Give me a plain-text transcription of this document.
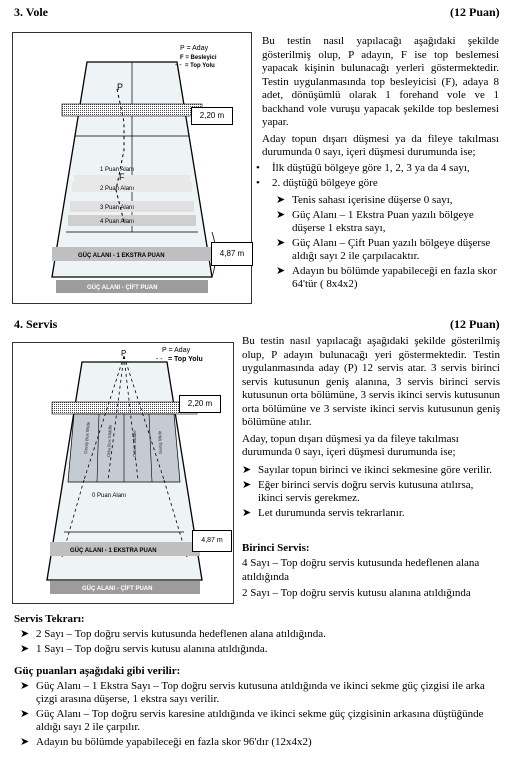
3. Vole	(12 Puan)
P
F
P = Aday
F = Besleyici
- - = Top Yolu
1 Puan Alanı
2 Puan Alanı
3 Puan Alanı
4 Puan Alanı
GÜÇ ALANI - 1 EKSTRA PUAN
GÜÇ ALANI - ÇİFT PUAN
2,20 m
4,87 m

Bu testin nasıl yapılacağı aşağıdaki şekilde gösterilmiş olup, P adayın, F ise top beslemesi yapacak kişinin bulunacağı yerleri göstermektedir. Testin uygulanmasında top besleyicisi (F), adaya 8 adet, dönüşümlü olarak 1 forehand vole ve 1 backhand vole vuruşu yapacak şekilde top beslemesi yapar.

Aday topun dışarı düşmesi ya da fileye takılması durumunda 0 sayı, içeri düşmesi durumunda ise;

• İlk düştüğü bölgeye göre 1, 2, 3 ya da 4 sayı,
• 2. düştüğü bölgeye göre
➤ Tenis sahası içerisine düşerse 0 sayı,
➤ Güç Alanı – 1 Ekstra Puan yazılı bölgeye düşerse 1 ekstra sayı,
➤ Güç Alanı – Çift Puan yazılı bölgeye düşerse aldığı sayı 2 ile çarpılacaktır.
➤ Adayın bu bölümde yapabileceği en fazla skor 64'tür ( 8x4x2)
4. Servis	(12 Puan)
P	P = Aday
- - = Top Yolu
Geniş Box Wide	Orta Box Middle	Ortası Middle	Geniş Wide
0 Puan Alanı
GÜÇ ALANI - 1 EKSTRA PUAN
GÜÇ ALANI - ÇİFT PUAN
2,20 m
4,87 m

Bu testin nasıl yapılacağı aşağıdaki şekilde gösterilmiş olup, P adayın bulunacağı yeri göstermektedir. Testin uygulanmasında aday (P) 12 servis atar. 3 servis birinci servis kutusunun geniş alanına, 3 servis birinci servis kutusunun orta bölümüne, 3 servis ikinci servis kutusunun orta bölümüne ve 3 serviste ikinci servis kutusunun geniş bölümüne atılır.

Aday, topun dışarı düşmesi ya da fileye takılması durumunda 0 sayı, içeri düşmesi durumunda ise;

➤ Sayılar topun birinci ve ikinci sekmesine göre verilir.
➤ Eğer birinci servis doğru servis kutusuna atılırsa, ikinci servis gerekmez.
➤ Let durumunda servis tekrarlanır.
Birinci Servis:

4 Sayı – Top doğru servis kutusunda hedeflenen alana atıldığında

2 Sayı – Top doğru servis kutusu alanına atıldığında

Servis Tekrarı:
➤ 2 Sayı – Top doğru servis kutusunda hedeflenen alana atıldığında.
➤ 1 Sayı – Top doğru servis kutusu alanına atıldığında.
Güç puanları aşağıdaki gibi verilir:
➤ Güç Alanı – 1 Ekstra Sayı – Top doğru servis kutusuna atıldığında ve ikinci sekme güç çizgisi ile arka çizgi arasına düşerse, 1 ekstra sayı verilir.
➤ Güç Alanı – Top doğru servis karesine atıldığında ve ikinci sekme güç çizgisinin arkasına düştüğünde aldığı sayı 2 ile çarpılır.
➤ Adayın bu bölümde yapabileceği en fazla skor 96'dır (12x4x2)
